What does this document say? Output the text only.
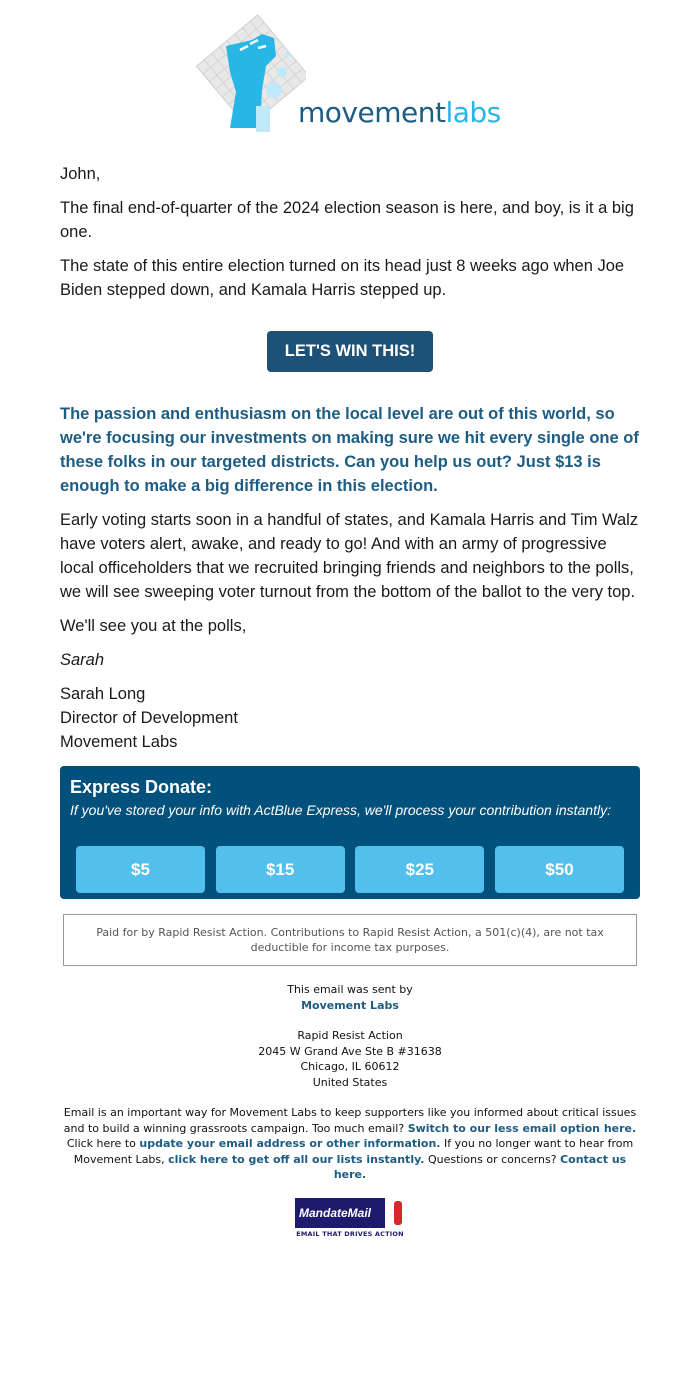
movementlabs

John,

The final end-of-quarter of the 2024 election season is here, and boy, is it a big one.

The state of this entire election turned on its head just 8 weeks ago when Joe Biden stepped down, and Kamala Harris stepped up.

LET'S WIN THIS!

The passion and enthusiasm on the local level are out of this world, so we're focusing our investments on making sure we hit every single one of these folks in our targeted districts. Can you help us out? Just $13 is enough to make a big difference in this election.

Early voting starts soon in a handful of states, and Kamala Harris and Tim Walz have voters alert, awake, and ready to go! And with an army of progressive local officeholders that we recruited bringing friends and neighbors to the polls, we will see sweeping voter turnout from the bottom of the ballot to the very top.

We'll see you at the polls,

Sarah

Sarah Long

Director of Development

Movement Labs

Express Donate:
If you've stored your info with ActBlue Express, we'll process your contribution instantly:
$5	$15	$25	$50
Paid for by Rapid Resist Action. Contributions to Rapid Resist Action, a 501(c)(4), are not tax deductible for income tax purposes.
This email was sent by
Movement Labs
Rapid Resist Action
2045 W Grand Ave Ste B #31638
Chicago, IL 60612
United States
Email is an important way for Movement Labs to keep supporters like you informed about critical issues and to build a winning grassroots campaign. Too much email? Switch to our less email option here. Click here to update your email address or other information. If you no longer want to hear from Movement Labs, click here to get off all our lists instantly. Questions or concerns? Contact us here.
MandateMail
EMAIL THAT DRIVES ACTION
